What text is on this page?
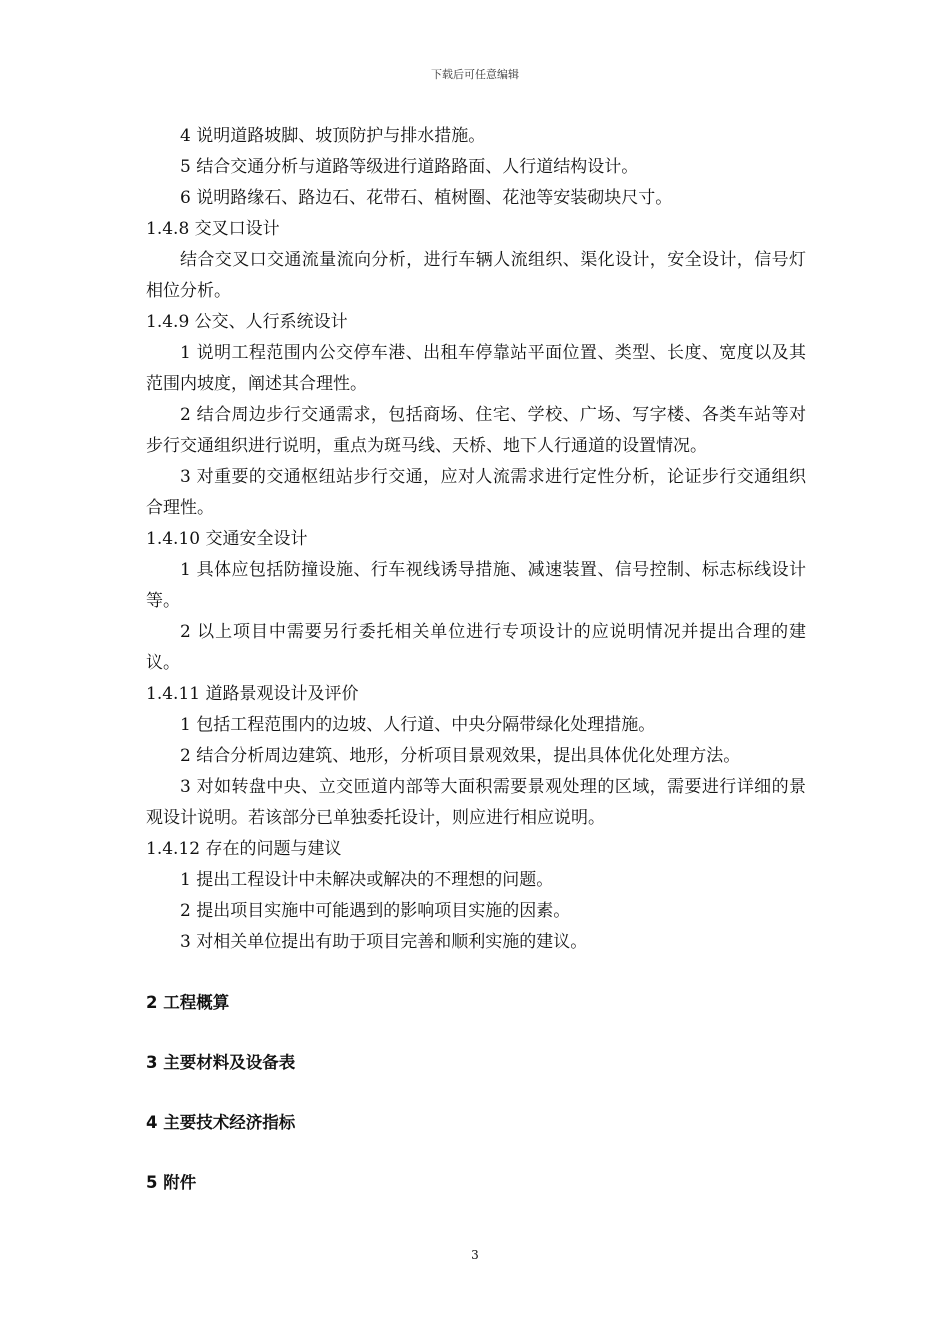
下载后可任意编辑

4 说明道路坡脚、坡顶防护与排水措施。

5 结合交通分析与道路等级进行道路路面、人行道结构设计。

6 说明路缘石、路边石、花带石、植树圈、花池等安装砌块尺寸。

1.4.8 交叉口设计

结合交叉口交通流量流向分析，进行车辆人流组织、渠化设计，安全设计，信号灯相位分析。

1.4.9 公交、人行系统设计

1 说明工程范围内公交停车港、出租车停靠站平面位置、类型、长度、宽度以及其范围内坡度，阐述其合理性。

2 结合周边步行交通需求，包括商场、住宅、学校、广场、写字楼、各类车站等对步行交通组织进行说明，重点为斑马线、天桥、地下人行通道的设置情况。

3 对重要的交通枢纽站步行交通，应对人流需求进行定性分析，论证步行交通组织合理性。

1.4.10 交通安全设计

1 具体应包括防撞设施、行车视线诱导措施、减速装置、信号控制、标志标线设计等。

2 以上项目中需要另行委托相关单位进行专项设计的应说明情况并提出合理的建议。

1.4.11 道路景观设计及评价

1 包括工程范围内的边坡、人行道、中央分隔带绿化处理措施。

2 结合分析周边建筑、地形，分析项目景观效果，提出具体优化处理方法。

3 对如转盘中央、立交匝道内部等大面积需要景观处理的区域，需要进行详细的景观设计说明。若该部分已单独委托设计，则应进行相应说明。

1.4.12 存在的问题与建议

1 提出工程设计中未解决或解决的不理想的问题。

2 提出项目实施中可能遇到的影响项目实施的因素。

3 对相关单位提出有助于项目完善和顺利实施的建议。

2 工程概算

3 主要材料及设备表

4 主要技术经济指标

5 附件

3
